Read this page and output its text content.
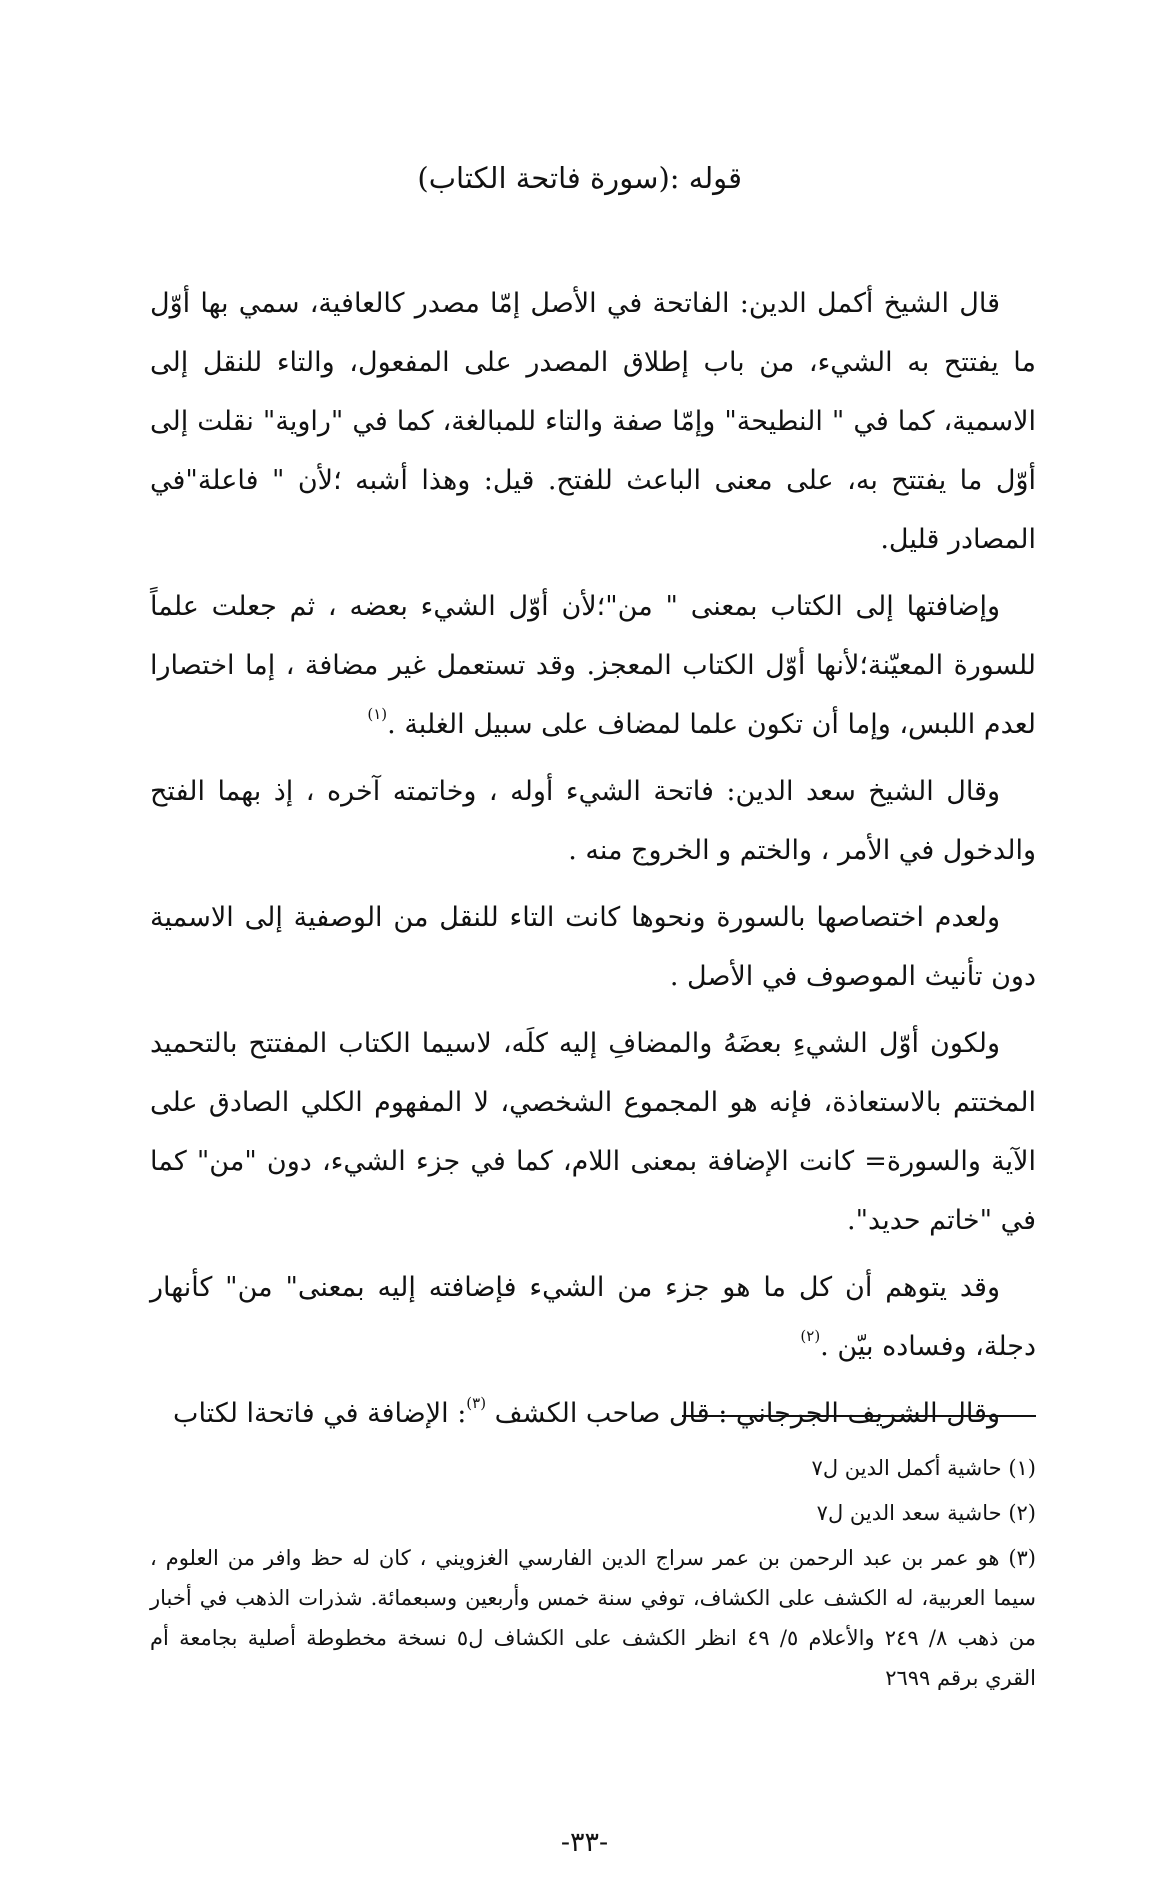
قوله :(سورة فاتحة الكتاب)

قال الشيخ أكمل الدين: الفاتحة في الأصل إمّا مصدر كالعافية، سمي بها أوّل ما يفتتح به الشيء، من باب إطلاق المصدر على المفعول، والتاء للنقل إلى الاسمية، كما في " النطيحة" وإمّا صفة والتاء للمبالغة، كما في "راوية" نقلت إلى أوّل ما يفتتح به، على معنى الباعث للفتح. قيل: وهذا أشبه ؛لأن " فاعلة"في المصادر قليل.

وإضافتها إلى الكتاب بمعنى " من"؛لأن أوّل الشيء بعضه ، ثم جعلت علماً للسورة المعيّنة؛لأنها أوّل الكتاب المعجز. وقد تستعمل غير مضافة ، إما اختصارا لعدم اللبس، وإما أن تكون علما لمضاف على سبيل الغلبة .$^{(١)}$

وقال الشيخ سعد الدين: فاتحة الشيء أوله ، وخاتمته آخره ، إذ بهما الفتح والدخول في الأمر ، والختم و الخروج منه .

ولعدم اختصاصها بالسورة ونحوها كانت التاء للنقل من الوصفية إلى الاسمية دون تأنيث الموصوف في الأصل .

ولكون أوّل الشيءِ بعضَهُ والمضافِ إليه كلَه، لاسيما الكتاب المفتتح بالتحميد المختتم بالاستعاذة، فإنه هو المجموع الشخصي، لا المفهوم الكلي الصادق على الآية والسورة= كانت الإضافة بمعنى اللام، كما في جزء الشيء، دون "من" كما في "خاتم حديد".

وقد يتوهم أن كل ما هو جزء من الشيء فإضافته إليه بمعنى" من" كأنهار دجلة، وفساده بيّن .$^{(٢)}$

وقال الشريف الجرجاني : قال صاحب الكشف $^{(٣)}$: الإضافة في فاتحةا لكتاب

(١) حاشية أكمل الدين ل٧

(٢) حاشية سعد الدين ل٧

(٣) هو عمر بن عبد الرحمن بن عمر سراج الدين الفارسي الغزويني ، كان له حظ وافر من العلوم ، سيما العربية، له الكشف على الكشاف، توفي سنة خمس وأربعين وسبعمائة. شذرات الذهب في أخبار من ذهب ٨/ ٢٤٩ والأعلام ٥/ ٤٩ انظر الكشف على الكشاف ل٥ نسخة مخطوطة أصلية بجامعة أم القري برقم ٢٦٩٩

-٣٣-
